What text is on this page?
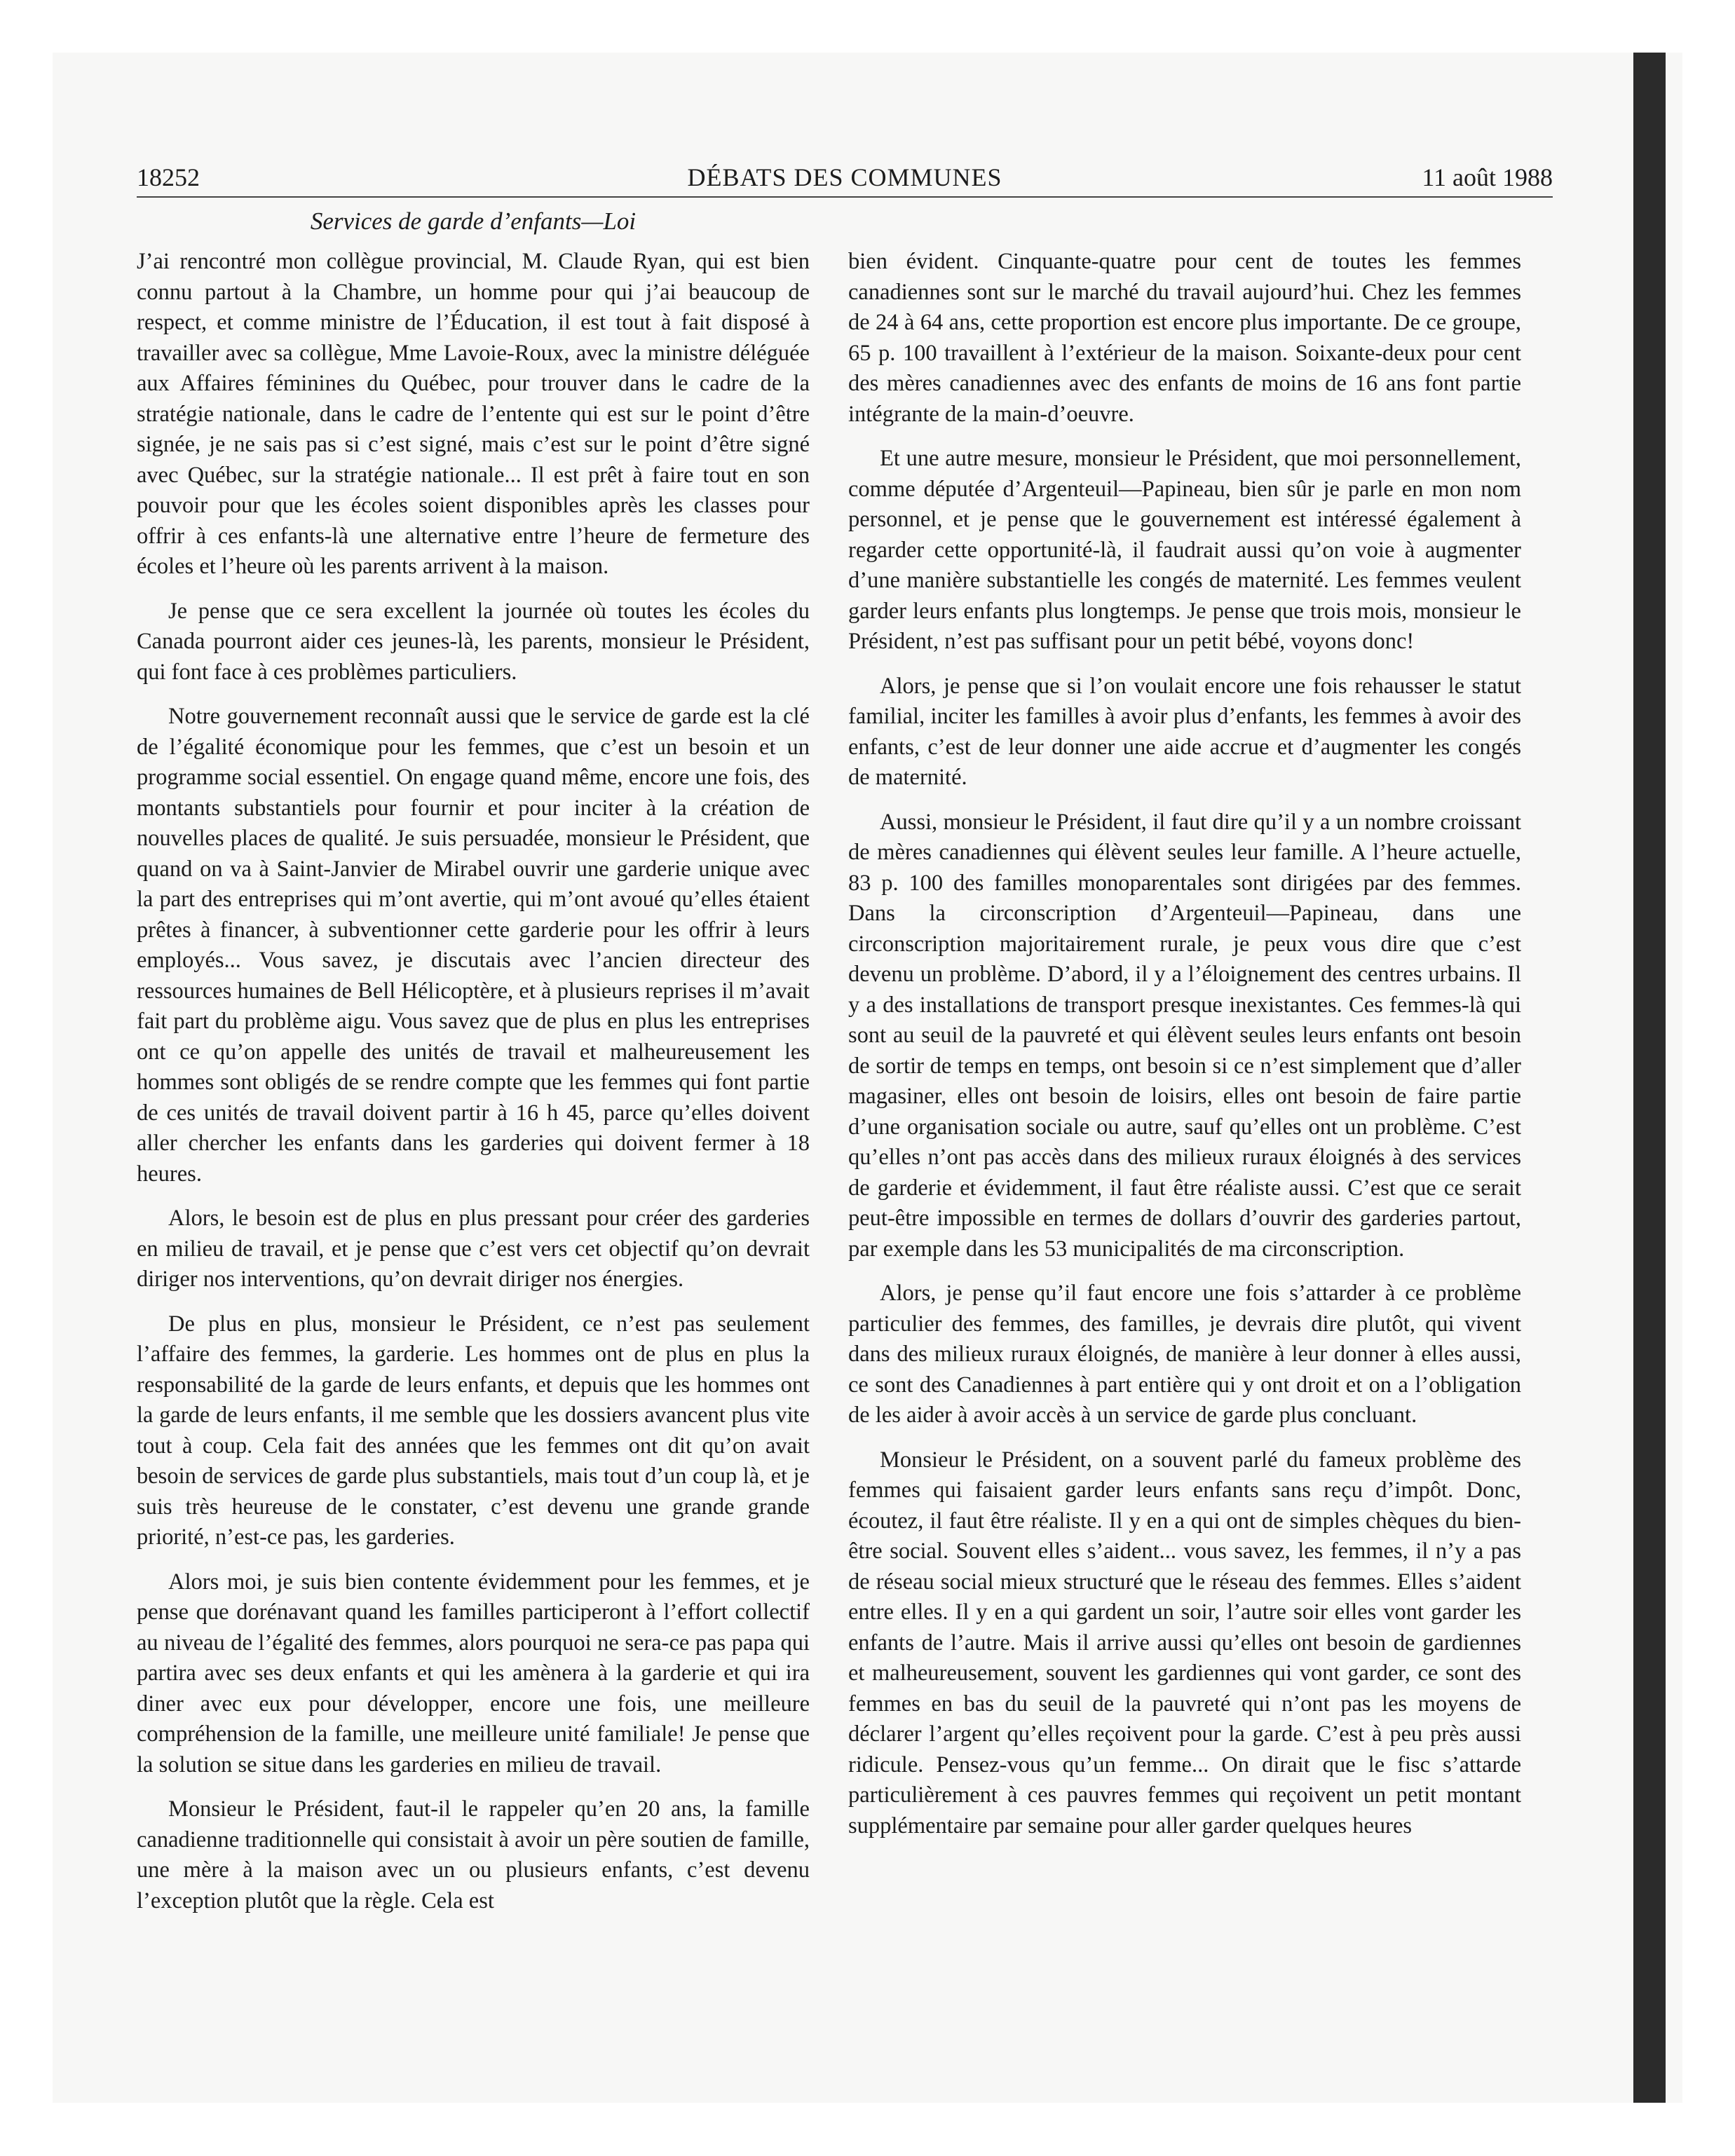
18252	DÉBATS DES COMMUNES	11 août 1988
Services de garde d’enfants—Loi

J’ai rencontré mon collègue provincial, M. Claude Ryan, qui est bien connu partout à la Chambre, un homme pour qui j’ai beaucoup de respect, et comme ministre de l’Éducation, il est tout à fait disposé à travailler avec sa collègue, Mme Lavoie-Roux, avec la ministre déléguée aux Affaires féminines du Québec, pour trouver dans le cadre de la stratégie nationale, dans le cadre de l’entente qui est sur le point d’être signée, je ne sais pas si c’est signé, mais c’est sur le point d’être signé avec Québec, sur la stratégie nationale... Il est prêt à faire tout en son pouvoir pour que les écoles soient disponibles après les classes pour offrir à ces enfants-là une alternative entre l’heure de fermeture des écoles et l’heure où les parents arrivent à la maison.

Je pense que ce sera excellent la journée où toutes les écoles du Canada pourront aider ces jeunes-là, les parents, monsieur le Président, qui font face à ces problèmes particuliers.

Notre gouvernement reconnaît aussi que le service de garde est la clé de l’égalité économique pour les femmes, que c’est un besoin et un programme social essentiel. On engage quand même, encore une fois, des montants substantiels pour fournir et pour inciter à la création de nouvelles places de qualité. Je suis persuadée, monsieur le Président, que quand on va à Saint-Janvier de Mirabel ouvrir une garderie unique avec la part des entreprises qui m’ont avertie, qui m’ont avoué qu’elles étaient prêtes à financer, à subventionner cette garderie pour les offrir à leurs employés... Vous savez, je discutais avec l’ancien directeur des ressources humaines de Bell Hélicoptère, et à plusieurs reprises il m’avait fait part du problème aigu. Vous savez que de plus en plus les entreprises ont ce qu’on appelle des unités de travail et malheureusement les hommes sont obligés de se rendre compte que les femmes qui font partie de ces unités de travail doivent partir à 16 h 45, parce qu’elles doivent aller chercher les enfants dans les garderies qui doivent fermer à 18 heures.

Alors, le besoin est de plus en plus pressant pour créer des garderies en milieu de travail, et je pense que c’est vers cet objectif qu’on devrait diriger nos interventions, qu’on devrait diriger nos énergies.

De plus en plus, monsieur le Président, ce n’est pas seulement l’affaire des femmes, la garderie. Les hommes ont de plus en plus la responsabilité de la garde de leurs enfants, et depuis que les hommes ont la garde de leurs enfants, il me semble que les dossiers avancent plus vite tout à coup. Cela fait des années que les femmes ont dit qu’on avait besoin de services de garde plus substantiels, mais tout d’un coup là, et je suis très heureuse de le constater, c’est devenu une grande grande priorité, n’est-ce pas, les garderies.

Alors moi, je suis bien contente évidemment pour les femmes, et je pense que dorénavant quand les familles participeront à l’effort collectif au niveau de l’égalité des femmes, alors pourquoi ne sera-ce pas papa qui partira avec ses deux enfants et qui les amènera à la garderie et qui ira diner avec eux pour développer, encore une fois, une meilleure compréhension de la famille, une meilleure unité familiale! Je pense que la solution se situe dans les garderies en milieu de travail.

Monsieur le Président, faut-il le rappeler qu’en 20 ans, la famille canadienne traditionnelle qui consistait à avoir un père soutien de famille, une mère à la maison avec un ou plusieurs enfants, c’est devenu l’exception plutôt que la règle. Cela est

bien évident. Cinquante-quatre pour cent de toutes les femmes canadiennes sont sur le marché du travail aujourd’hui. Chez les femmes de 24 à 64 ans, cette proportion est encore plus importante. De ce groupe, 65 p. 100 travaillent à l’extérieur de la maison. Soixante-deux pour cent des mères canadiennes avec des enfants de moins de 16 ans font partie intégrante de la main-d’oeuvre.

Et une autre mesure, monsieur le Président, que moi personnellement, comme députée d’Argenteuil—Papineau, bien sûr je parle en mon nom personnel, et je pense que le gouvernement est intéressé également à regarder cette opportunité-là, il faudrait aussi qu’on voie à augmenter d’une manière substantielle les congés de maternité. Les femmes veulent garder leurs enfants plus longtemps. Je pense que trois mois, monsieur le Président, n’est pas suffisant pour un petit bébé, voyons donc!

Alors, je pense que si l’on voulait encore une fois rehausser le statut familial, inciter les familles à avoir plus d’enfants, les femmes à avoir des enfants, c’est de leur donner une aide accrue et d’augmenter les congés de maternité.

Aussi, monsieur le Président, il faut dire qu’il y a un nombre croissant de mères canadiennes qui élèvent seules leur famille. A l’heure actuelle, 83 p. 100 des familles monoparentales sont dirigées par des femmes. Dans la circonscription d’Argenteuil—Papineau, dans une circonscription majoritairement rurale, je peux vous dire que c’est devenu un problème. D’abord, il y a l’éloignement des centres urbains. Il y a des installations de transport presque inexistantes. Ces femmes-là qui sont au seuil de la pauvreté et qui élèvent seules leurs enfants ont besoin de sortir de temps en temps, ont besoin si ce n’est simplement que d’aller magasiner, elles ont besoin de loisirs, elles ont besoin de faire partie d’une organisation sociale ou autre, sauf qu’elles ont un problème. C’est qu’elles n’ont pas accès dans des milieux ruraux éloignés à des services de garderie et évidemment, il faut être réaliste aussi. C’est que ce serait peut-être impossible en termes de dollars d’ouvrir des garderies partout, par exemple dans les 53 municipalités de ma circonscription.

Alors, je pense qu’il faut encore une fois s’attarder à ce problème particulier des femmes, des familles, je devrais dire plutôt, qui vivent dans des milieux ruraux éloignés, de manière à leur donner à elles aussi, ce sont des Canadiennes à part entière qui y ont droit et on a l’obligation de les aider à avoir accès à un service de garde plus concluant.

Monsieur le Président, on a souvent parlé du fameux problème des femmes qui faisaient garder leurs enfants sans reçu d’impôt. Donc, écoutez, il faut être réaliste. Il y en a qui ont de simples chèques du bien-être social. Souvent elles s’aident... vous savez, les femmes, il n’y a pas de réseau social mieux structuré que le réseau des femmes. Elles s’aident entre elles. Il y en a qui gardent un soir, l’autre soir elles vont garder les enfants de l’autre. Mais il arrive aussi qu’elles ont besoin de gardiennes et malheureusement, souvent les gardiennes qui vont garder, ce sont des femmes en bas du seuil de la pauvreté qui n’ont pas les moyens de déclarer l’argent qu’elles reçoivent pour la garde. C’est à peu près aussi ridicule. Pensez-vous qu’un femme... On dirait que le fisc s’attarde particulièrement à ces pauvres femmes qui reçoivent un petit montant supplémentaire par semaine pour aller garder quelques heures
